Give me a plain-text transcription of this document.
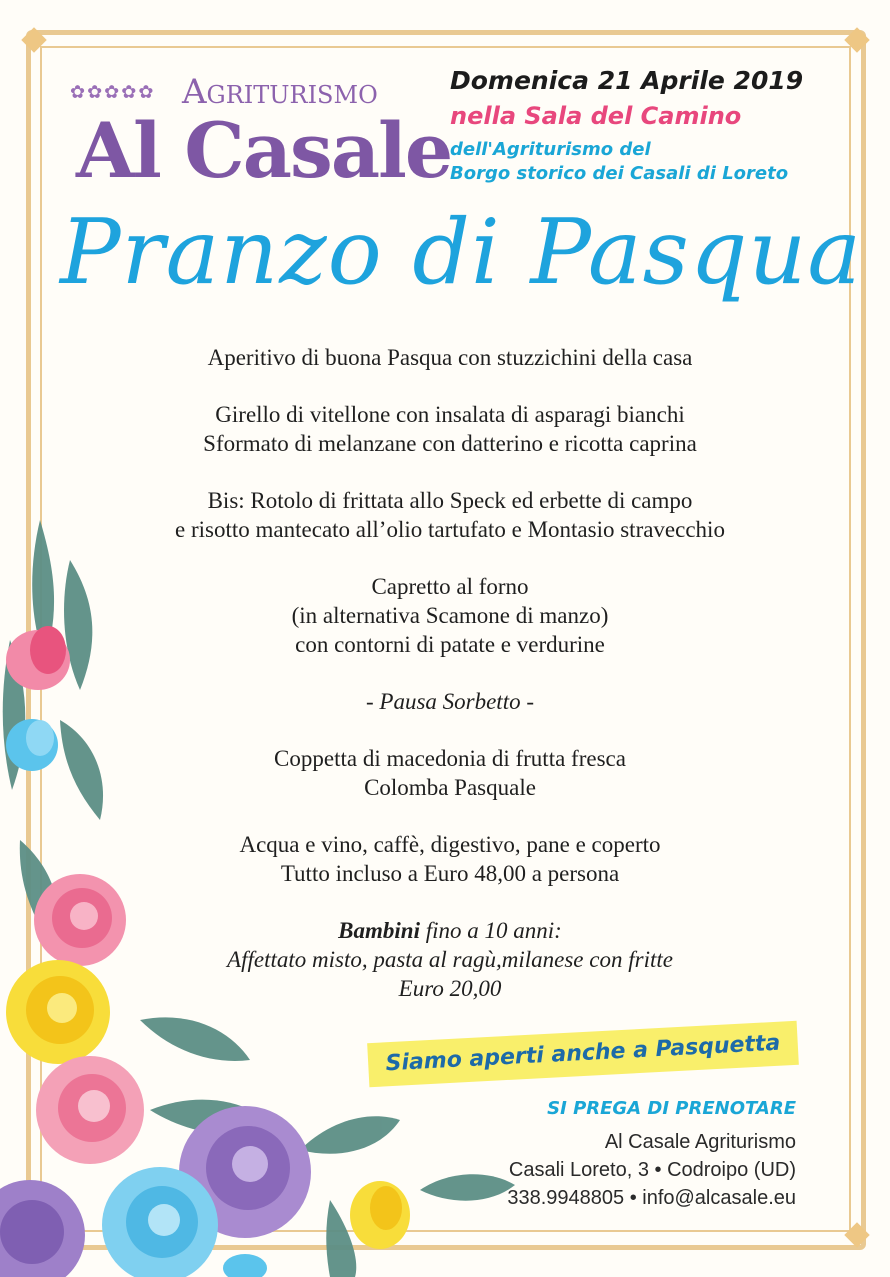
✿✿✿✿✿ Agriturismo
Al Casale
Domenica 21 Aprile 2019
nella Sala del Camino
dell'Agriturismo del
Borgo storico dei Casali di Loreto
Pranzo di Pasqua
Aperitivo di buona Pasqua con stuzzichini della casa
Girello di vitellone con insalata di asparagi bianchi
Sformato di melanzane con datterino e ricotta caprina
Bis: Rotolo di frittata allo Speck ed erbette di campo
e risotto mantecato all’olio tartufato e Montasio stravecchio
Capretto al forno
(in alternativa Scamone di manzo)
con contorni di patate e verdurine
- Pausa Sorbetto -
Coppetta di macedonia di frutta fresca
Colomba Pasquale
Acqua e vino, caffè, digestivo, pane e coperto
Tutto incluso a Euro 48,00 a persona
Bambini fino a 10 anni:
Affettato misto, pasta al ragù,milanese con fritte
Euro 20,00
Siamo aperti anche a Pasquetta
SI PREGA DI PRENOTARE
Al Casale Agriturismo
Casali Loreto, 3 • Codroipo (UD)
338.9948805 • info@alcasale.eu
